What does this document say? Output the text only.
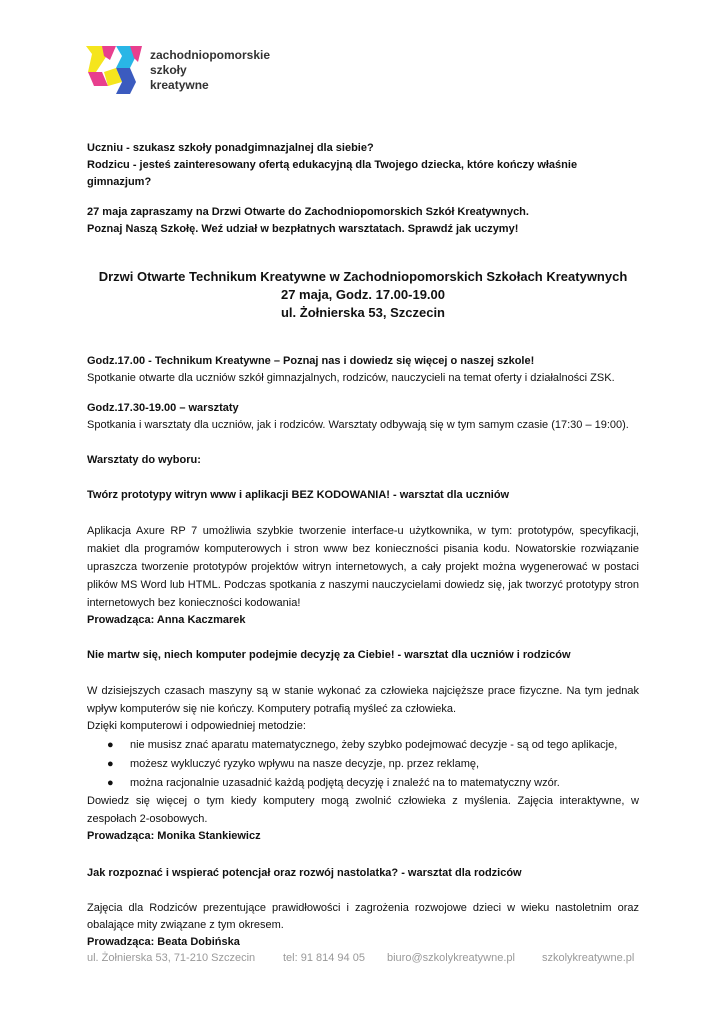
zachodniopomorskie
szkoły
kreatywne

Uczniu - szukasz szkoły ponadgimnazjalnej dla siebie?

Rodzicu - jesteś zainteresowany ofertą edukacyjną dla Twojego dziecka, które kończy właśnie gimnazjum?

27 maja zapraszamy na Drzwi Otwarte do Zachodniopomorskich Szkół Kreatywnych.

Poznaj Naszą Szkołę. Weź udział w bezpłatnych warsztatach. Sprawdź jak uczymy!

Drzwi Otwarte Technikum Kreatywne w Zachodniopomorskich Szkołach Kreatywnych

27 maja, Godz. 17.00-19.00

ul. Żołnierska 53, Szczecin

Godz.17.00 - Technikum Kreatywne – Poznaj nas i dowiedz się więcej o naszej szkole!

Spotkanie otwarte dla uczniów szkół gimnazjalnych, rodziców, nauczycieli na temat oferty i działalności ZSK.

Godz.17.30-19.00 – warsztaty

Spotkania i warsztaty dla uczniów, jak i rodziców. Warsztaty odbywają się w tym samym czasie (17:30 – 19:00).

Warsztaty do wyboru:

Twórz prototypy witryn www i aplikacji BEZ KODOWANIA! - warsztat dla uczniów

Aplikacja Axure RP 7 umożliwia szybkie tworzenie interface-u użytkownika, w tym: prototypów, specyfikacji, makiet dla programów komputerowych i stron www bez konieczności pisania kodu. Nowatorskie rozwiązanie upraszcza tworzenie prototypów projektów witryn internetowych, a cały projekt można wygenerować w postaci plików MS Word lub HTML. Podczas spotkania z naszymi nauczycielami dowiedz się, jak tworzyć prototypy stron internetowych bez konieczności kodowania!

Prowadząca: Anna Kaczmarek

Nie martw się, niech komputer podejmie decyzję za Ciebie! - warsztat dla uczniów i rodziców

W dzisiejszych czasach maszyny są w stanie wykonać za człowieka najcięższe prace fizyczne. Na tym jednak wpływ komputerów się nie kończy. Komputery potrafią myśleć za człowieka.

Dzięki komputerowi i odpowiedniej metodzie:

● nie musisz znać aparatu matematycznego, żeby szybko podejmować decyzje - są od tego aplikacje,
● możesz wykluczyć ryzyko wpływu na nasze decyzje, np. przez reklamę,
● można racjonalnie uzasadnić każdą podjętą decyzję i znaleźć na to matematyczny wzór.

Dowiedz się więcej o tym kiedy komputery mogą zwolnić człowieka z myślenia. Zajęcia interaktywne, w zespołach 2-osobowych.

Prowadząca: Monika Stankiewicz

Jak rozpoznać i wspierać potencjał oraz rozwój nastolatka? - warsztat dla rodziców

Zajęcia dla Rodziców prezentujące prawidłowości i zagrożenia rozwojowe dzieci w wieku nastoletnim oraz obalające mity związane z tym okresem.

Prowadząca: Beata Dobińska

ul. Żołnierska 53, 71-210 Szczecin	tel: 91 814 94 05	biuro@szkolykreatywne.pl	szkolykreatywne.pl
